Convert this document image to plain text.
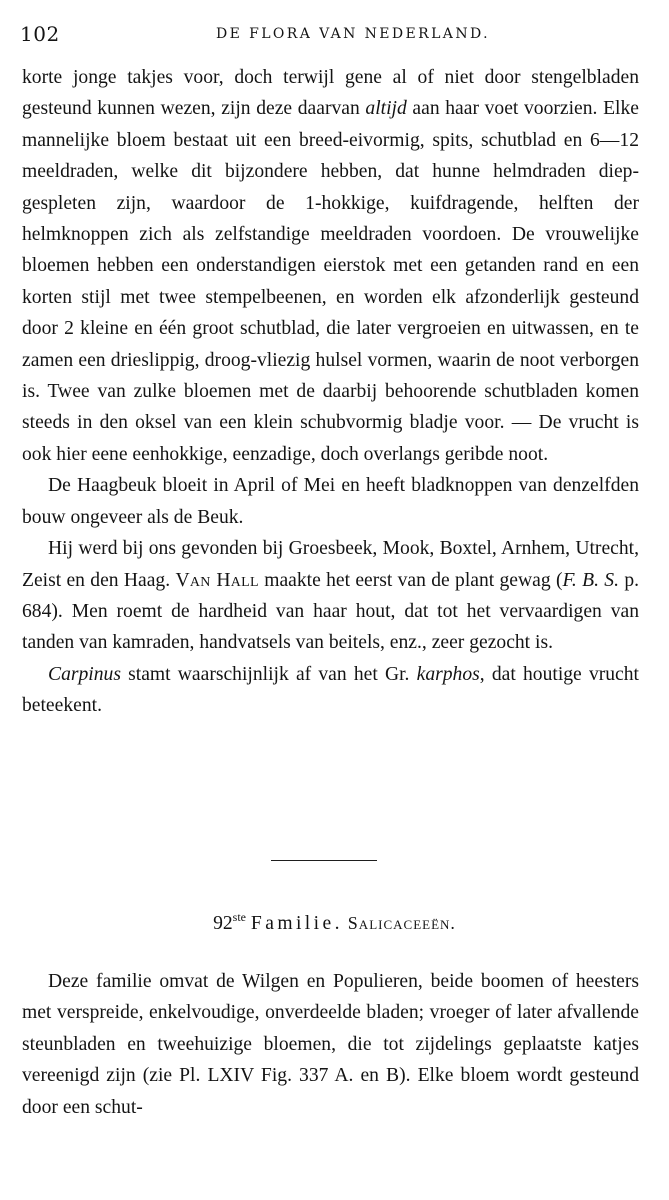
102	DE FLORA VAN NEDERLAND.

korte jonge takjes voor, doch terwijl gene al of niet door stengelbladen gesteund kunnen wezen, zijn deze daarvan altijd aan haar voet voorzien. Elke mannelijke bloem bestaat uit een breed-eivormig, spits, schutblad en 6—12 meeldraden, welke dit bijzondere hebben, dat hunne helmdraden diep-gespleten zijn, waardoor de 1-hokkige, kuifdragende, helften der helmknoppen zich als zelfstandige meeldraden voordoen. De vrouwelijke bloemen hebben een onderstandigen eierstok met een getanden rand en een korten stijl met twee stempelbeenen, en worden elk afzonderlijk gesteund door 2 kleine en één groot schutblad, die later vergroeien en uitwassen, en te zamen een drieslippig, droog-vliezig hulsel vormen, waarin de noot verborgen is. Twee van zulke bloemen met de daarbij behoorende schutbladen komen steeds in den oksel van een klein schubvormig bladje voor. — De vrucht is ook hier eene eenhokkige, eenzadige, doch overlangs geribde noot.

De Haagbeuk bloeit in April of Mei en heeft bladknoppen van denzelfden bouw ongeveer als de Beuk.

Hij werd bij ons gevonden bij Groesbeek, Mook, Boxtel, Arnhem, Utrecht, Zeist en den Haag. Van Hall maakte het eerst van de plant gewag (F. B. S. p. 684). Men roemt de hardheid van haar hout, dat tot het vervaardigen van tanden van kamraden, handvatsels van beitels, enz., zeer gezocht is.

Carpinus stamt waarschijnlijk af van het Gr. karphos, dat houtige vrucht beteekent.

92ste Familie. Salicaceeën.

Deze familie omvat de Wilgen en Populieren, beide boomen of heesters met verspreide, enkelvoudige, onverdeelde bladen; vroeger of later afvallende steunbladen en tweehuizige bloemen, die tot zijdelings geplaatste katjes vereenigd zijn (zie Pl. LXIV Fig. 337 A. en B). Elke bloem wordt gesteund door een schut-
